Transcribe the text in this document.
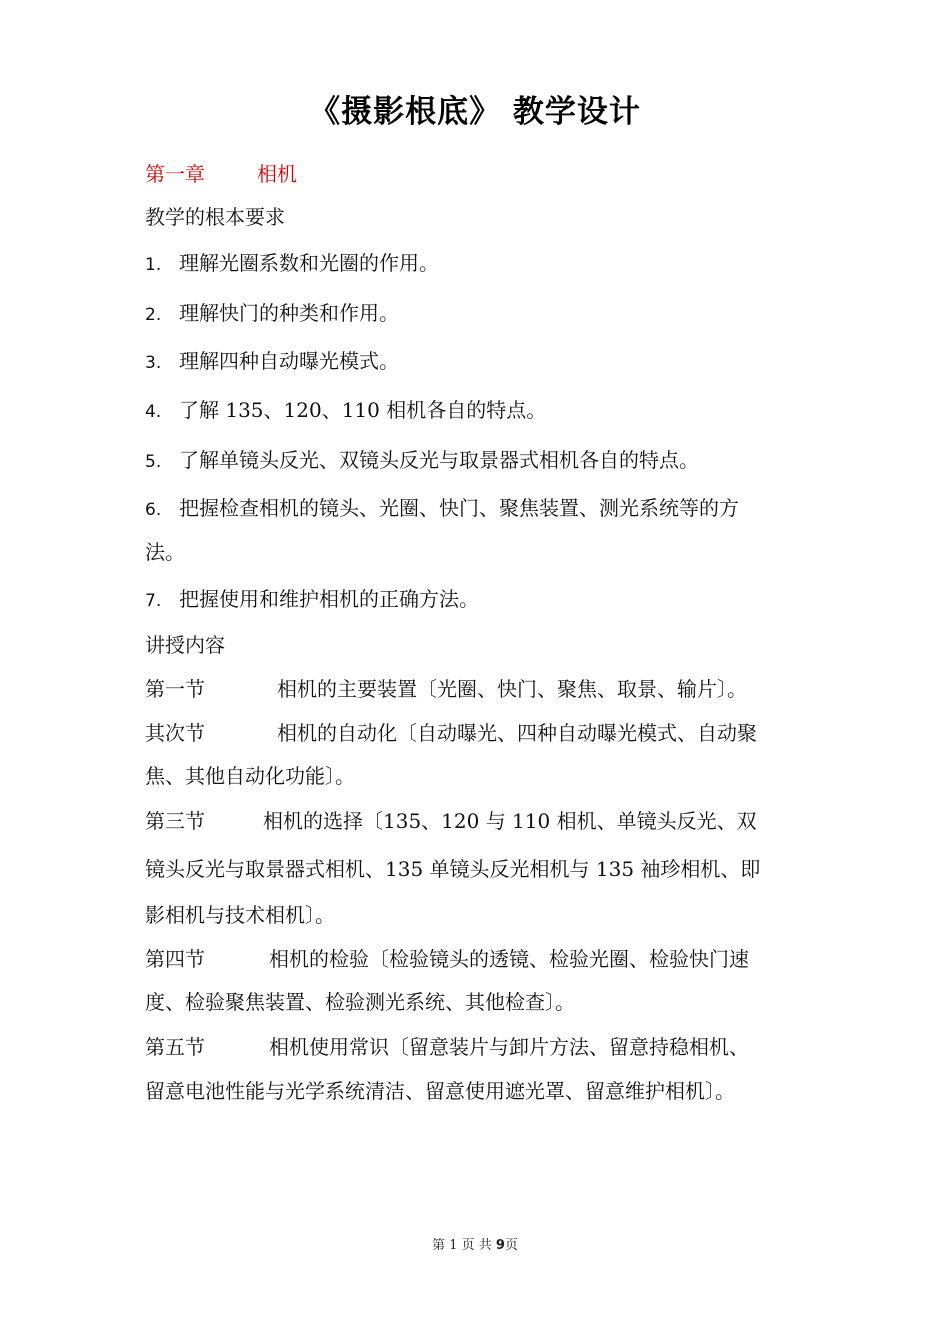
《摄影根底》 教学设计
第一章	相机
教学的根本要求
1. 理解光圈系数和光圈的作用。
2. 理解快门的种类和作用。
3. 理解四种自动曝光模式。
4. 了解 135、120、110 相机各自的特点。
5. 了解单镜头反光、双镜头反光与取景器式相机各自的特点。
6. 把握检查相机的镜头、光圈、快门、聚焦装置、测光系统等的方
法。
7. 把握使用和维护相机的正确方法。
讲授内容
第一节	相机的主要装置〔光圈、快门、聚焦、取景、输片〕。
其次节	相机的自动化〔自动曝光、四种自动曝光模式、自动聚
焦、其他自动化功能〕。
第三节	相机的选择〔135、120 与 110 相机、单镜头反光、双
镜头反光与取景器式相机、135 单镜头反光相机与 135 袖珍相机、即
影相机与技术相机〕。
第四节	相机的检验〔检验镜头的透镜、检验光圈、检验快门速
度、检验聚焦装置、检验测光系统、其他检查〕。
第五节	相机使用常识〔留意装片与卸片方法、留意持稳相机、
留意电池性能与光学系统清洁、留意使用遮光罩、留意维护相机〕。
第 1 页 共 9页
